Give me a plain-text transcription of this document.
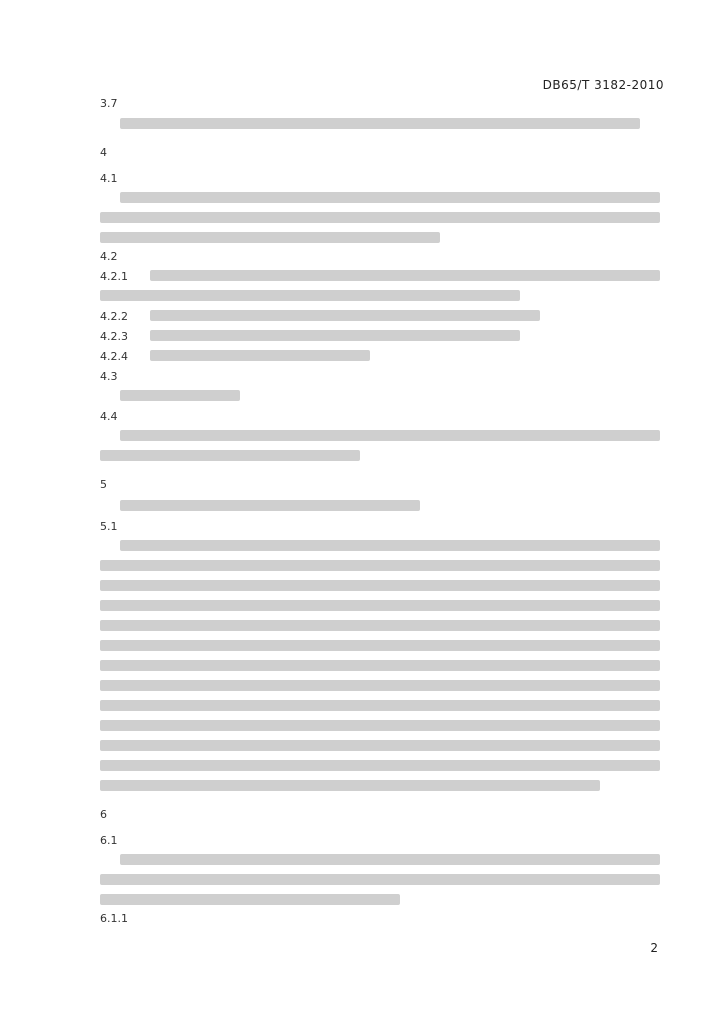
DB65/T 3182-2010
3.7
4
4.1
4.2
4.2.1
4.2.2
4.2.3
4.2.4
4.3
4.4
5
5.1
6
6.1
6.1.1
2
